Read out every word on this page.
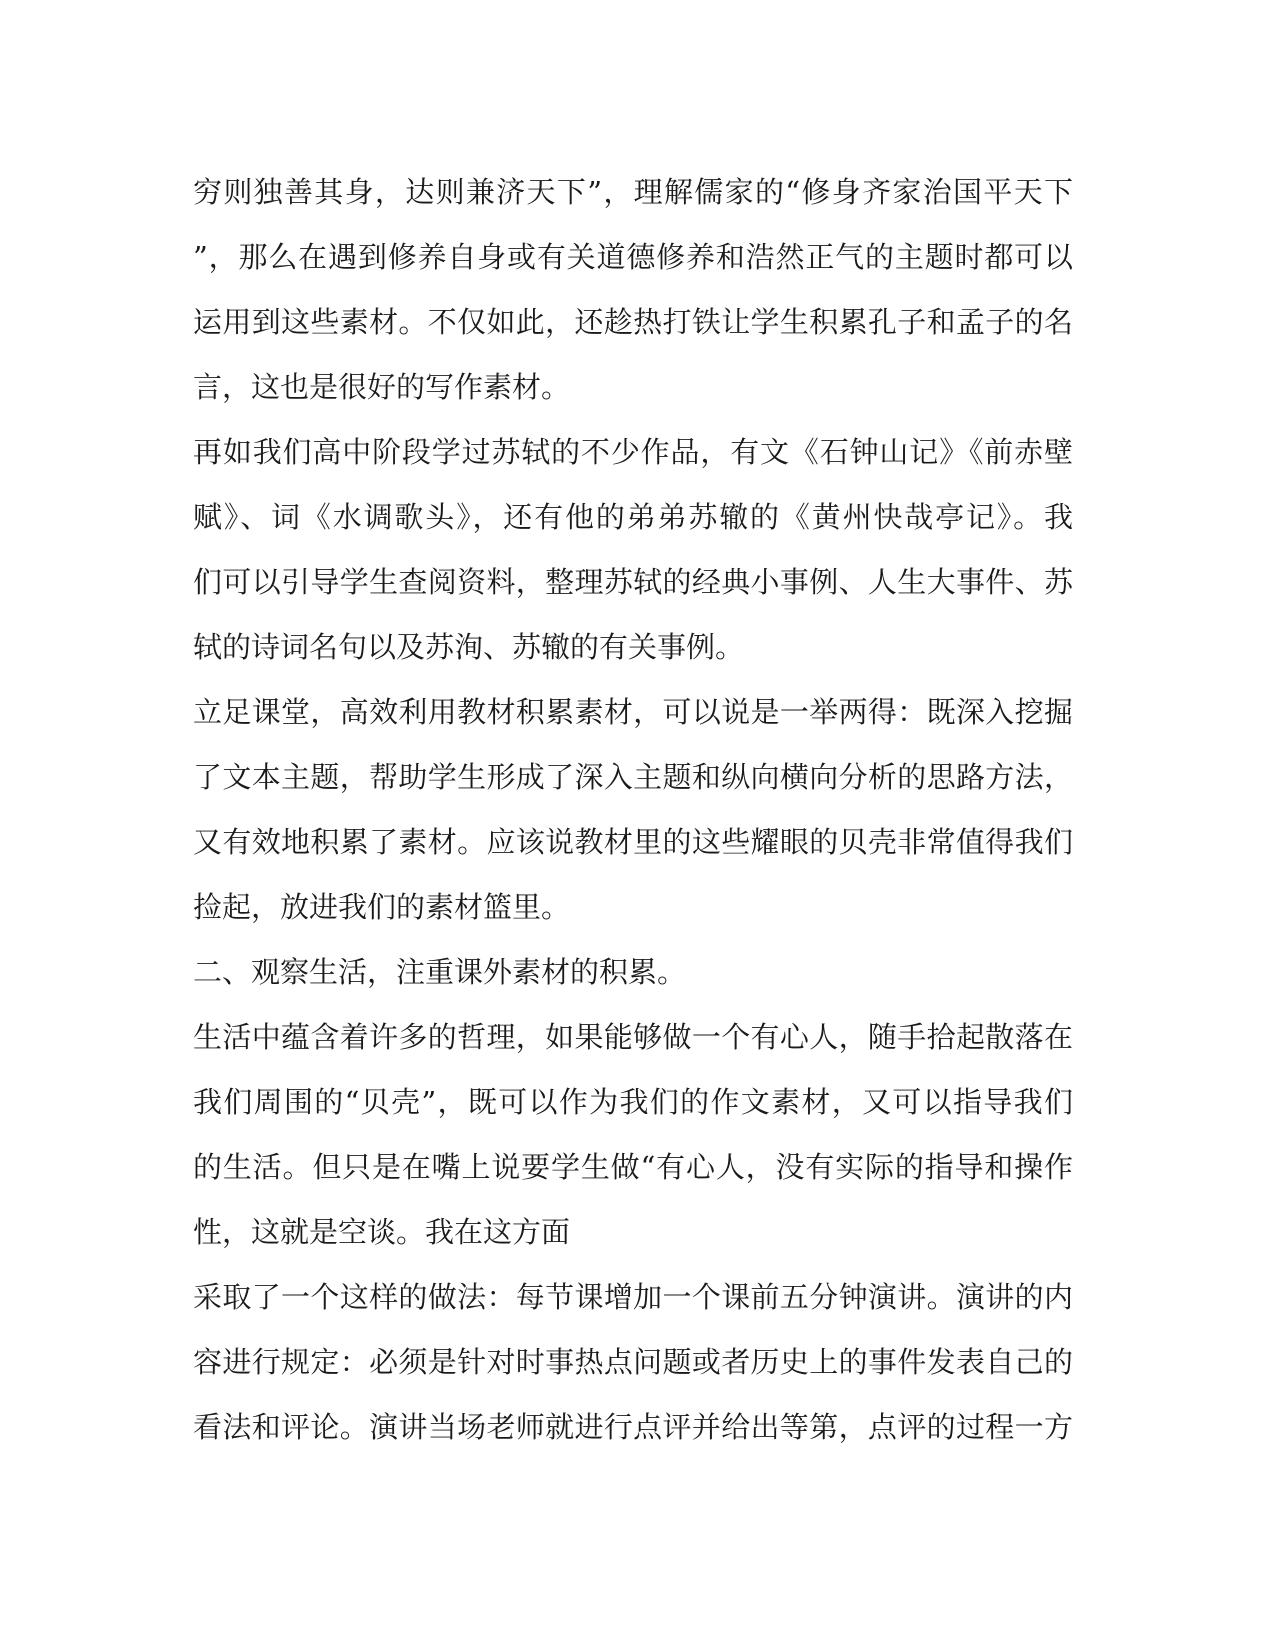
穷则独善其身，达则兼济天下”，理解儒家的“修身齐家治国平天下
”，那么在遇到修养自身或有关道德修养和浩然正气的主题时都可以
运用到这些素材。不仅如此，还趁热打铁让学生积累孔子和孟子的名
言，这也是很好的写作素材。
再如我们高中阶段学过苏轼的不少作品，有文《石钟山记》《前赤壁
赋》、词《水调歌头》，还有他的弟弟苏辙的《黄州快哉亭记》。我
们可以引导学生查阅资料，整理苏轼的经典小事例、人生大事件、苏
轼的诗词名句以及苏洵、苏辙的有关事例。
立足课堂，高效利用教材积累素材，可以说是一举两得：既深入挖掘
了文本主题，帮助学生形成了深入主题和纵向横向分析的思路方法，
又有效地积累了素材。应该说教材里的这些耀眼的贝壳非常值得我们
捡起，放进我们的素材篮里。
二、观察生活，注重课外素材的积累。
生活中蕴含着许多的哲理，如果能够做一个有心人，随手拾起散落在
我们周围的“贝壳”，既可以作为我们的作文素材，又可以指导我们
的生活。但只是在嘴上说要学生做“有心人，没有实际的指导和操作
性，这就是空谈。我在这方面
采取了一个这样的做法：每节课增加一个课前五分钟演讲。演讲的内
容进行规定：必须是针对时事热点问题或者历史上的事件发表自己的
看法和评论。演讲当场老师就进行点评并给出等第，点评的过程一方
